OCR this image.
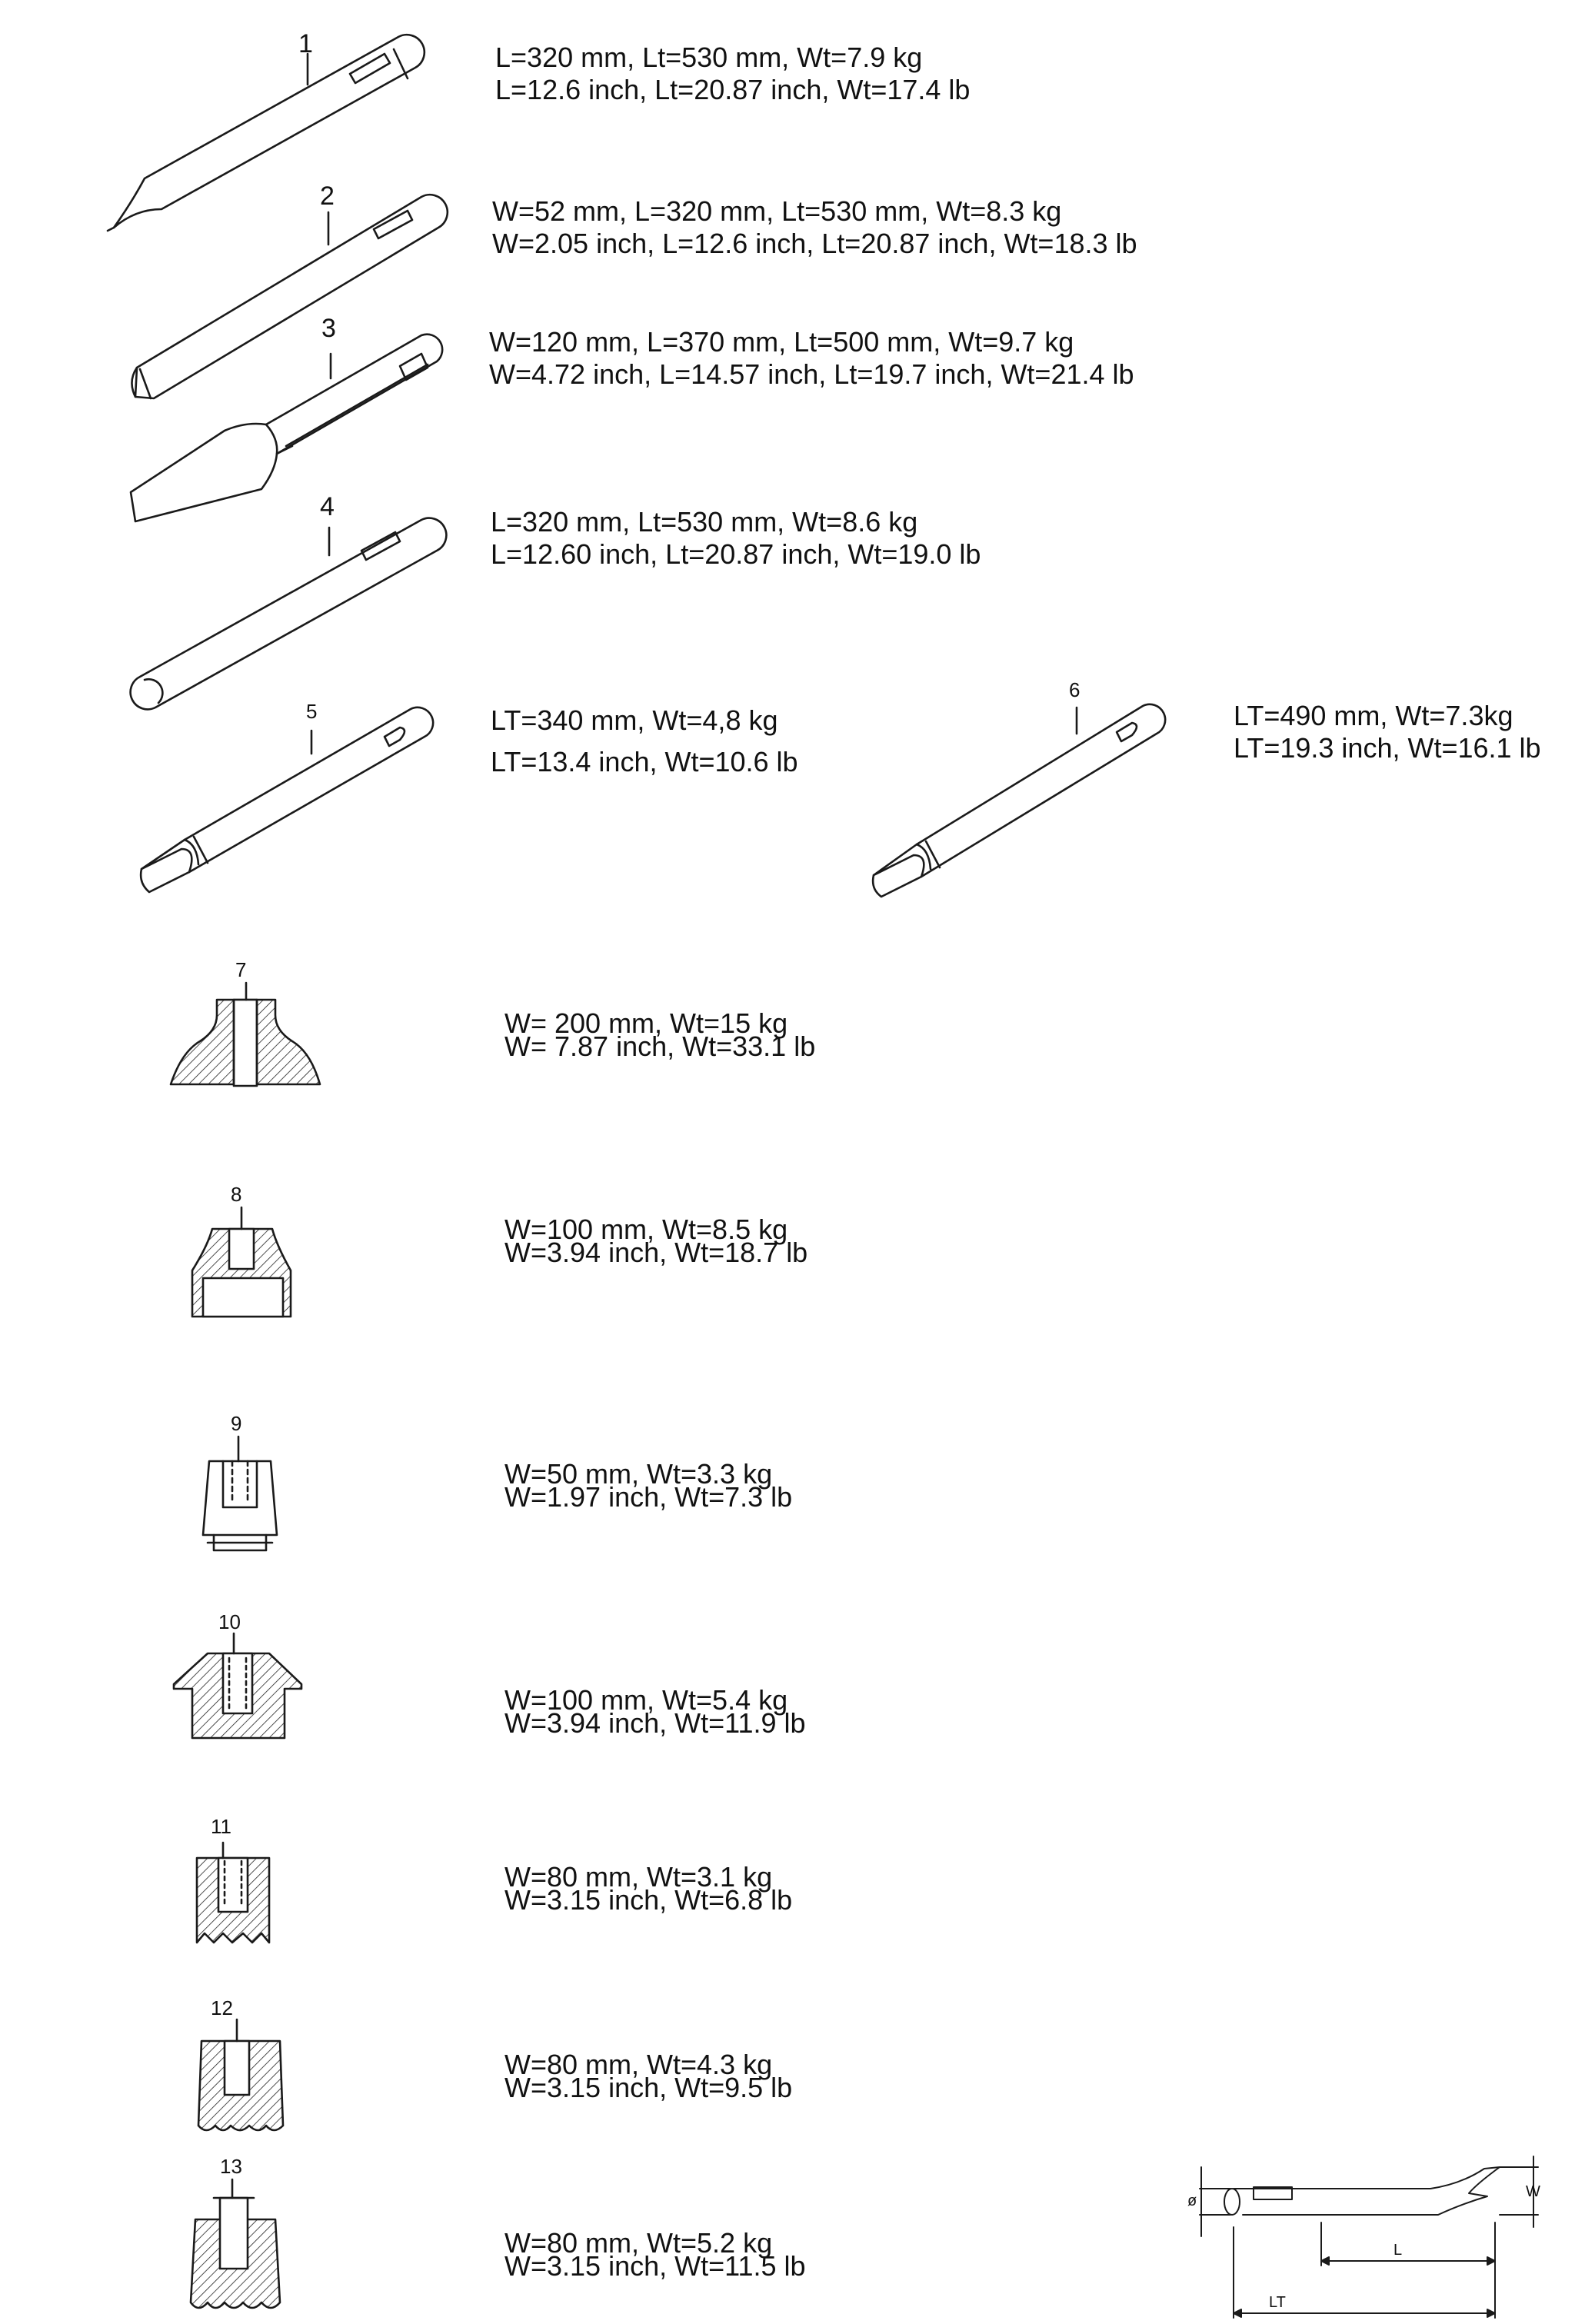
1
2
3
4
5
6
7
8
9
10
11
12
13
L=320 mm, Lt=530 mm, Wt=7.9 kg
L=12.6 inch, Lt=20.87 inch, Wt=17.4 lb
W=52 mm, L=320 mm, Lt=530 mm, Wt=8.3 kg
W=2.05 inch, L=12.6 inch, Lt=20.87 inch, Wt=18.3 lb
W=120 mm, L=370 mm, Lt=500 mm, Wt=9.7 kg
W=4.72 inch, L=14.57 inch, Lt=19.7 inch, Wt=21.4 lb
L=320 mm, Lt=530 mm, Wt=8.6 kg
L=12.60 inch, Lt=20.87 inch, Wt=19.0 lb
LT=340 mm, Wt=4,8 kg
LT=13.4 inch, Wt=10.6 lb
LT=490 mm, Wt=7.3kg
LT=19.3 inch, Wt=16.1 lb
W= 200 mm, Wt=15 kg
W= 7.87 inch, Wt=33.1 lb
W=100 mm, Wt=8.5 kg
W=3.94 inch, Wt=18.7 lb
W=50 mm, Wt=3.3 kg
W=1.97 inch, Wt=7.3 lb
W=100 mm, Wt=5.4 kg
W=3.94 inch, Wt=11.9 lb
W=80 mm, Wt=3.1 kg
W=3.15 inch, Wt=6.8 lb
W=80 mm, Wt=4.3 kg
W=3.15 inch, Wt=9.5 lb
W=80 mm, Wt=5.2 kg
W=3.15 inch, Wt=11.5 lb
ø
W
L
LT
